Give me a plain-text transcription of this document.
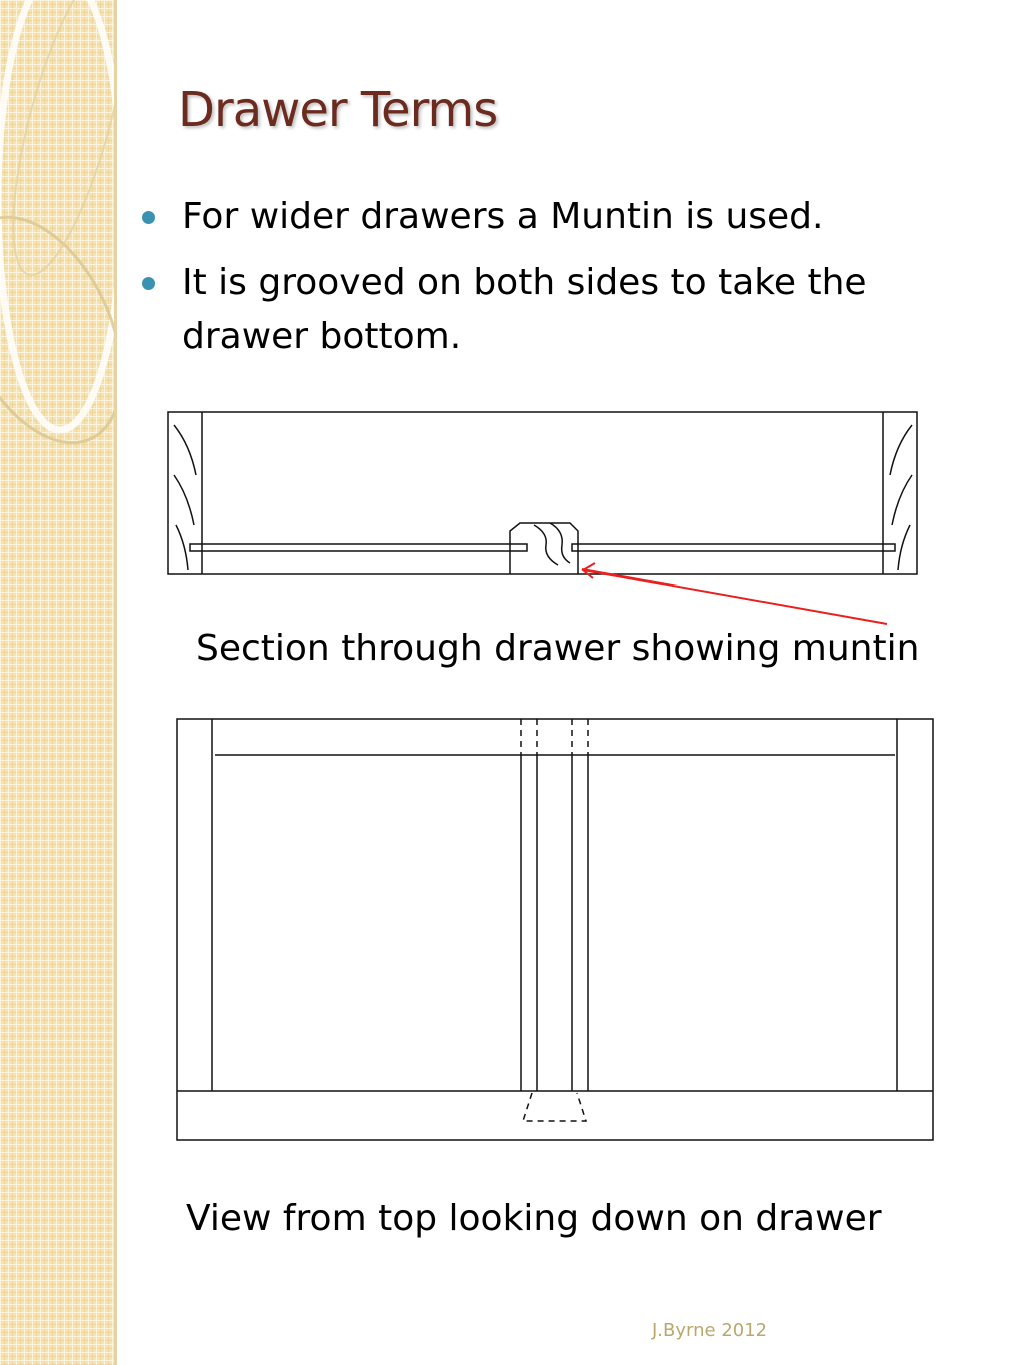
Drawer Terms
For wider drawers a Muntin is used.
It is grooved on both sides to take the drawer bottom.
Section through drawer showing muntin
View from top looking down on drawer
J.Byrne 2012
